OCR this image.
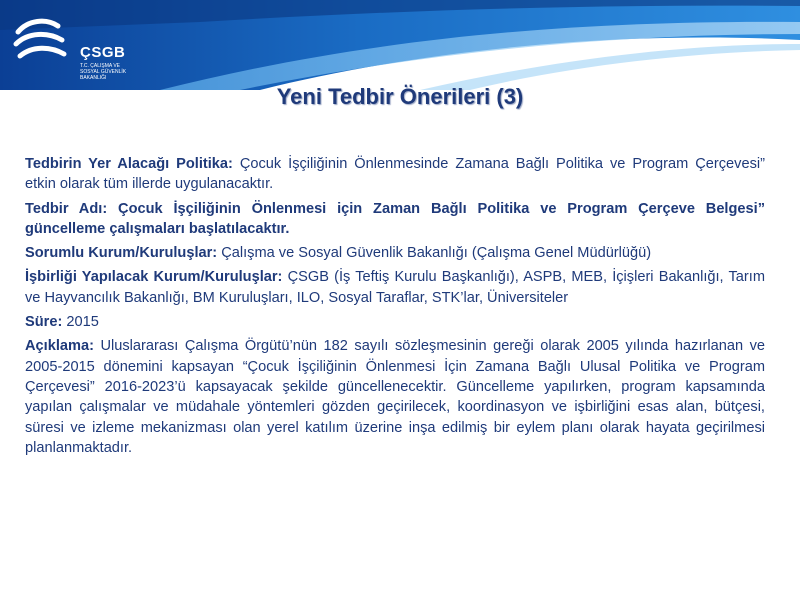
ÇSGB
T.C. ÇALIŞMA VE
SOSYAL GÜVENLİK
BAKANLIĞI
Yeni Tedbir Önerileri (3)

Tedbirin Yer Alacağı Politika: Çocuk İşçiliğinin Önlenmesinde Zamana Bağlı Politika ve Program Çerçevesi” etkin olarak tüm illerde uygulanacaktır.

Tedbir Adı: Çocuk İşçiliğinin Önlenmesi için Zaman Bağlı Politika ve Program Çerçeve Belgesi” güncelleme çalışmaları başlatılacaktır.

Sorumlu Kurum/Kuruluşlar: Çalışma ve Sosyal Güvenlik Bakanlığı (Çalışma Genel Müdürlüğü)

İşbirliği Yapılacak Kurum/Kuruluşlar: ÇSGB (İş Teftiş Kurulu Başkanlığı), ASPB, MEB, İçişleri Bakanlığı, Tarım ve Hayvancılık Bakanlığı, BM Kuruluşları, ILO, Sosyal Taraflar, STK’lar, Üniversiteler

Süre: 2015

Açıklama: Uluslararası Çalışma Örgütü’nün 182 sayılı sözleşmesinin gereği olarak 2005 yılında hazırlanan ve 2005-2015 dönemini kapsayan “Çocuk İşçiliğinin Önlenmesi İçin Zamana Bağlı Ulusal Politika ve Program Çerçevesi” 2016-2023’ü kapsayacak şekilde güncellenecektir. Güncelleme yapılırken, program kapsamında yapılan çalışmalar ve müdahale yöntemleri gözden geçirilecek, koordinasyon ve işbirliğini esas alan, bütçesi, süresi ve izleme mekanizması olan yerel katılım üzerine inşa edilmiş bir eylem planı olarak hayata geçirilmesi planlanmaktadır.
